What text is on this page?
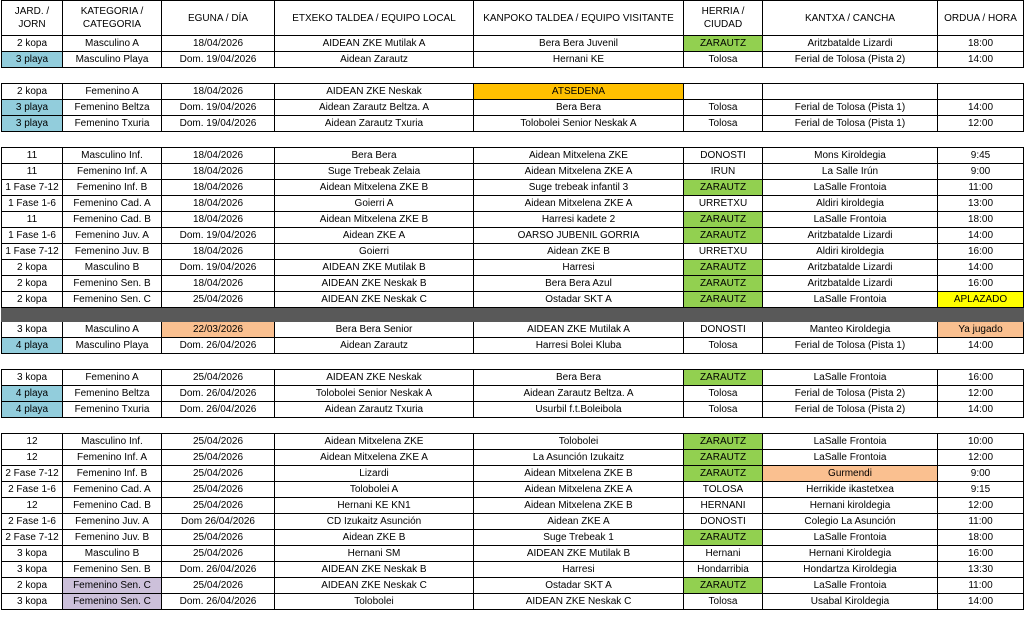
JARD. / JORN	KATEGORIA / CATEGORIA	EGUNA / DÍA	ETXEKO TALDEA / EQUIPO LOCAL	KANPOKO TALDEA / EQUIPO VISITANTE	HERRIA / CIUDAD	KANTXA / CANCHA	ORDUA / HORA
2 kopa	Masculino A	18/04/2026	AIDEAN ZKE Mutilak A	Bera Bera Juvenil	ZARAUTZ	Aritzbatalde Lizardi	18:00
3 playa	Masculino Playa	Dom. 19/04/2026	Aidean Zarautz	Hernani KE	Tolosa	Ferial de Tolosa (Pista 2)	14:00

2 kopa	Femenino A	18/04/2026	AIDEAN ZKE Neskak	ATSEDENA			
3 playa	Femenino Beltza	Dom. 19/04/2026	Aidean Zarautz Beltza. A	Bera Bera	Tolosa	Ferial de Tolosa (Pista 1)	14:00
3 playa	Femenino Txuria	Dom. 19/04/2026	Aidean Zarautz Txuria	Tolobolei Senior Neskak A	Tolosa	Ferial de Tolosa (Pista 1)	12:00

11	Masculino Inf.	18/04/2026	Bera Bera	Aidean Mitxelena ZKE	DONOSTI	Mons Kiroldegia	9:45
11	Femenino Inf. A	18/04/2026	Suge Trebeak Zelaia	Aidean Mitxelena ZKE A	IRUN	La Salle Irún	9:00
1 Fase 7-12	Femenino Inf. B	18/04/2026	Aidean Mitxelena ZKE B	Suge trebeak infantil 3	ZARAUTZ	LaSalle Frontoia	11:00
1 Fase 1-6	Femenino Cad. A	18/04/2026	Goierri A	Aidean Mitxelena ZKE A	URRETXU	Aldiri kiroldegia	13:00
11	Femenino Cad. B	18/04/2026	Aidean Mitxelena ZKE B	Harresi kadete 2	ZARAUTZ	LaSalle Frontoia	18:00
1 Fase 1-6	Femenino Juv. A	Dom. 19/04/2026	Aidean ZKE A	OARSO JUBENIL GORRIA	ZARAUTZ	Aritzbatalde Lizardi	14:00
1 Fase 7-12	Femenino Juv. B	18/04/2026	Goierri	Aidean ZKE B	URRETXU	Aldiri kiroldegia	16:00
2 kopa	Masculino B	Dom. 19/04/2026	AIDEAN ZKE Mutilak B	Harresi	ZARAUTZ	Aritzbatalde Lizardi	14:00
2 kopa	Femenino Sen. B	18/04/2026	AIDEAN ZKE Neskak B	Bera Bera Azul	ZARAUTZ	Aritzbatalde Lizardi	16:00
2 kopa	Femenino Sen. C	25/04/2026	AIDEAN ZKE Neskak C	Ostadar SKT A	ZARAUTZ	LaSalle Frontoia	APLAZADO

3 kopa	Masculino A	22/03/2026	Bera Bera Senior	AIDEAN ZKE Mutilak A	DONOSTI	Manteo Kiroldegia	Ya jugado
4 playa	Masculino Playa	Dom. 26/04/2026	Aidean Zarautz	Harresi Bolei Kluba	Tolosa	Ferial de Tolosa (Pista 1)	14:00

3 kopa	Femenino A	25/04/2026	AIDEAN ZKE Neskak	Bera Bera	ZARAUTZ	LaSalle Frontoia	16:00
4 playa	Femenino Beltza	Dom. 26/04/2026	Tolobolei Senior Neskak A	Aidean Zarautz Beltza. A	Tolosa	Ferial de Tolosa (Pista 2)	12:00
4 playa	Femenino Txuria	Dom. 26/04/2026	Aidean Zarautz Txuria	Usurbil f.t.Boleibola	Tolosa	Ferial de Tolosa (Pista 2)	14:00

12	Masculino Inf.	25/04/2026	Aidean Mitxelena ZKE	Tolobolei	ZARAUTZ	LaSalle Frontoia	10:00
12	Femenino Inf. A	25/04/2026	Aidean Mitxelena ZKE A	La Asunción Izukaitz	ZARAUTZ	LaSalle Frontoia	12:00
2 Fase 7-12	Femenino Inf. B	25/04/2026	Lizardi	Aidean Mitxelena ZKE B	ZARAUTZ	Gurmendi	9:00
2 Fase 1-6	Femenino Cad. A	25/04/2026	Tolobolei A	Aidean Mitxelena ZKE A	TOLOSA	Herrikide ikastetxea	9:15
12	Femenino Cad. B	25/04/2026	Hernani KE KN1	Aidean Mitxelena ZKE B	HERNANI	Hernani kiroldegia	12:00
2 Fase 1-6	Femenino Juv. A	Dom 26/04/2026	CD Izukaitz Asunción	Aidean ZKE A	DONOSTI	Colegio La Asunción	11:00
2 Fase 7-12	Femenino Juv. B	25/04/2026	Aidean ZKE B	Suge Trebeak 1	ZARAUTZ	LaSalle Frontoia	18:00
3 kopa	Masculino B	25/04/2026	Hernani SM	AIDEAN ZKE Mutilak B	Hernani	Hernani Kiroldegia	16:00
3 kopa	Femenino Sen. B	Dom. 26/04/2026	AIDEAN ZKE Neskak B	Harresi	Hondarribia	Hondartza Kiroldegia	13:30
2 kopa	Femenino Sen. C	25/04/2026	AIDEAN ZKE Neskak C	Ostadar SKT A	ZARAUTZ	LaSalle Frontoia	11:00
3 kopa	Femenino Sen. C	Dom. 26/04/2026	Tolobolei	AIDEAN ZKE Neskak C	Tolosa	Usabal Kiroldegia	14:00
